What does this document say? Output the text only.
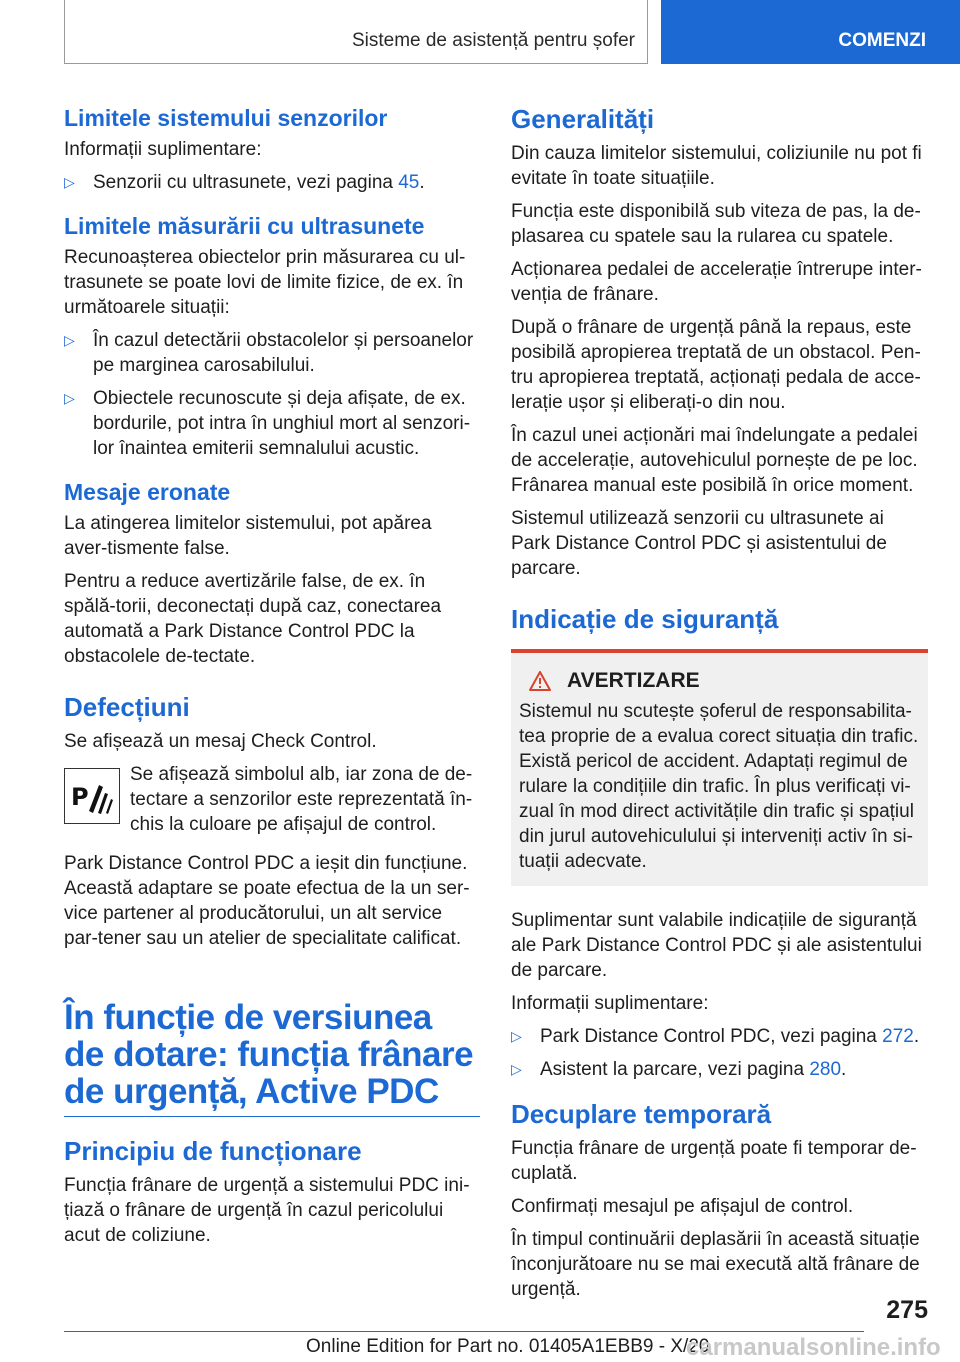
Sisteme de asistență pentru șofer	COMENZI
Limitele sistemului senzorilor

Informații suplimentare:

▷ Senzorii cu ultrasunete, vezi pagina 45.
Limitele măsurării cu ultrasunete

Recunoașterea obiectelor prin măsurarea cu ul-trasunete se poate lovi de limite fizice, de ex. în următoarele situații:

▷ În cazul detectării obstacolelor și persoanelor pe marginea carosabilului.
▷ Obiectele recunoscute și deja afișate, de ex. bordurile, pot intra în unghiul mort al senzori-lor înaintea emiterii semnalului acustic.
Mesaje eronate

La atingerea limitelor sistemului, pot apărea aver-tismente false.

Pentru a reduce avertizările false, de ex. în spălă-torii, deconectați după caz, conectarea automată a Park Distance Control PDC la obstacolele de-tectate.

Defecțiuni

Se afișează un mesaj Check Control.

P
Se afișează simbolul alb, iar zona de de-tectare a senzorilor este reprezentată în-chis la culoare pe afișajul de control.

Park Distance Control PDC a ieșit din funcțiune. Această adaptare se poate efectua de la un ser-vice partener al producătorului, un alt service par-tener sau un atelier de specialitate calificat.

În funcție de versiunea de dotare: funcția frânare de urgență, Active PDC
Principiu de funcționare

Funcția frânare de urgență a sistemului PDC ini-țiază o frânare de urgență în cazul pericolului acut de coliziune.

Generalități

Din cauza limitelor sistemului, coliziunile nu pot fi evitate în toate situațiile.

Funcția este disponibilă sub viteza de pas, la de-plasarea cu spatele sau la rularea cu spatele.

Acționarea pedalei de accelerație întrerupe inter-venția de frânare.

După o frânare de urgență până la repaus, este posibilă apropierea treptată de un obstacol. Pen-tru apropierea treptată, acționați pedala de acce-lerație ușor și eliberați-o din nou.

În cazul unei acționări mai îndelungate a pedalei de accelerație, autovehiculul pornește de pe loc. Frânarea manual este posibilă în orice moment.

Sistemul utilizează senzorii cu ultrasunete ai Park Distance Control PDC și asistentului de parcare.

Indicație de siguranță
AVERTIZARE

Sistemul nu scutește șoferul de responsabilita-tea proprie de a evalua corect situația din trafic. Există pericol de accident. Adaptați regimul de rulare la condițiile din trafic. În plus verificați vi-zual în mod direct activitățile din trafic și spațiul din jurul autovehiculului și interveniți activ în si-tuații adecvate.

Suplimentar sunt valabile indicațiile de siguranță ale Park Distance Control PDC și ale asistentului de parcare.

Informații suplimentare:

▷ Park Distance Control PDC, vezi pagina 272.
▷ Asistent la parcare, vezi pagina 280.
Decuplare temporară

Funcția frânare de urgență poate fi temporar de-cuplată.

Confirmați mesajul pe afișajul de control.

În timpul continuării deplasării în această situație înconjurătoare nu se mai execută altă frânare de urgență.

275
Online Edition for Part no. 01405A1EBB9 - X/20
carmanualsonline.info
